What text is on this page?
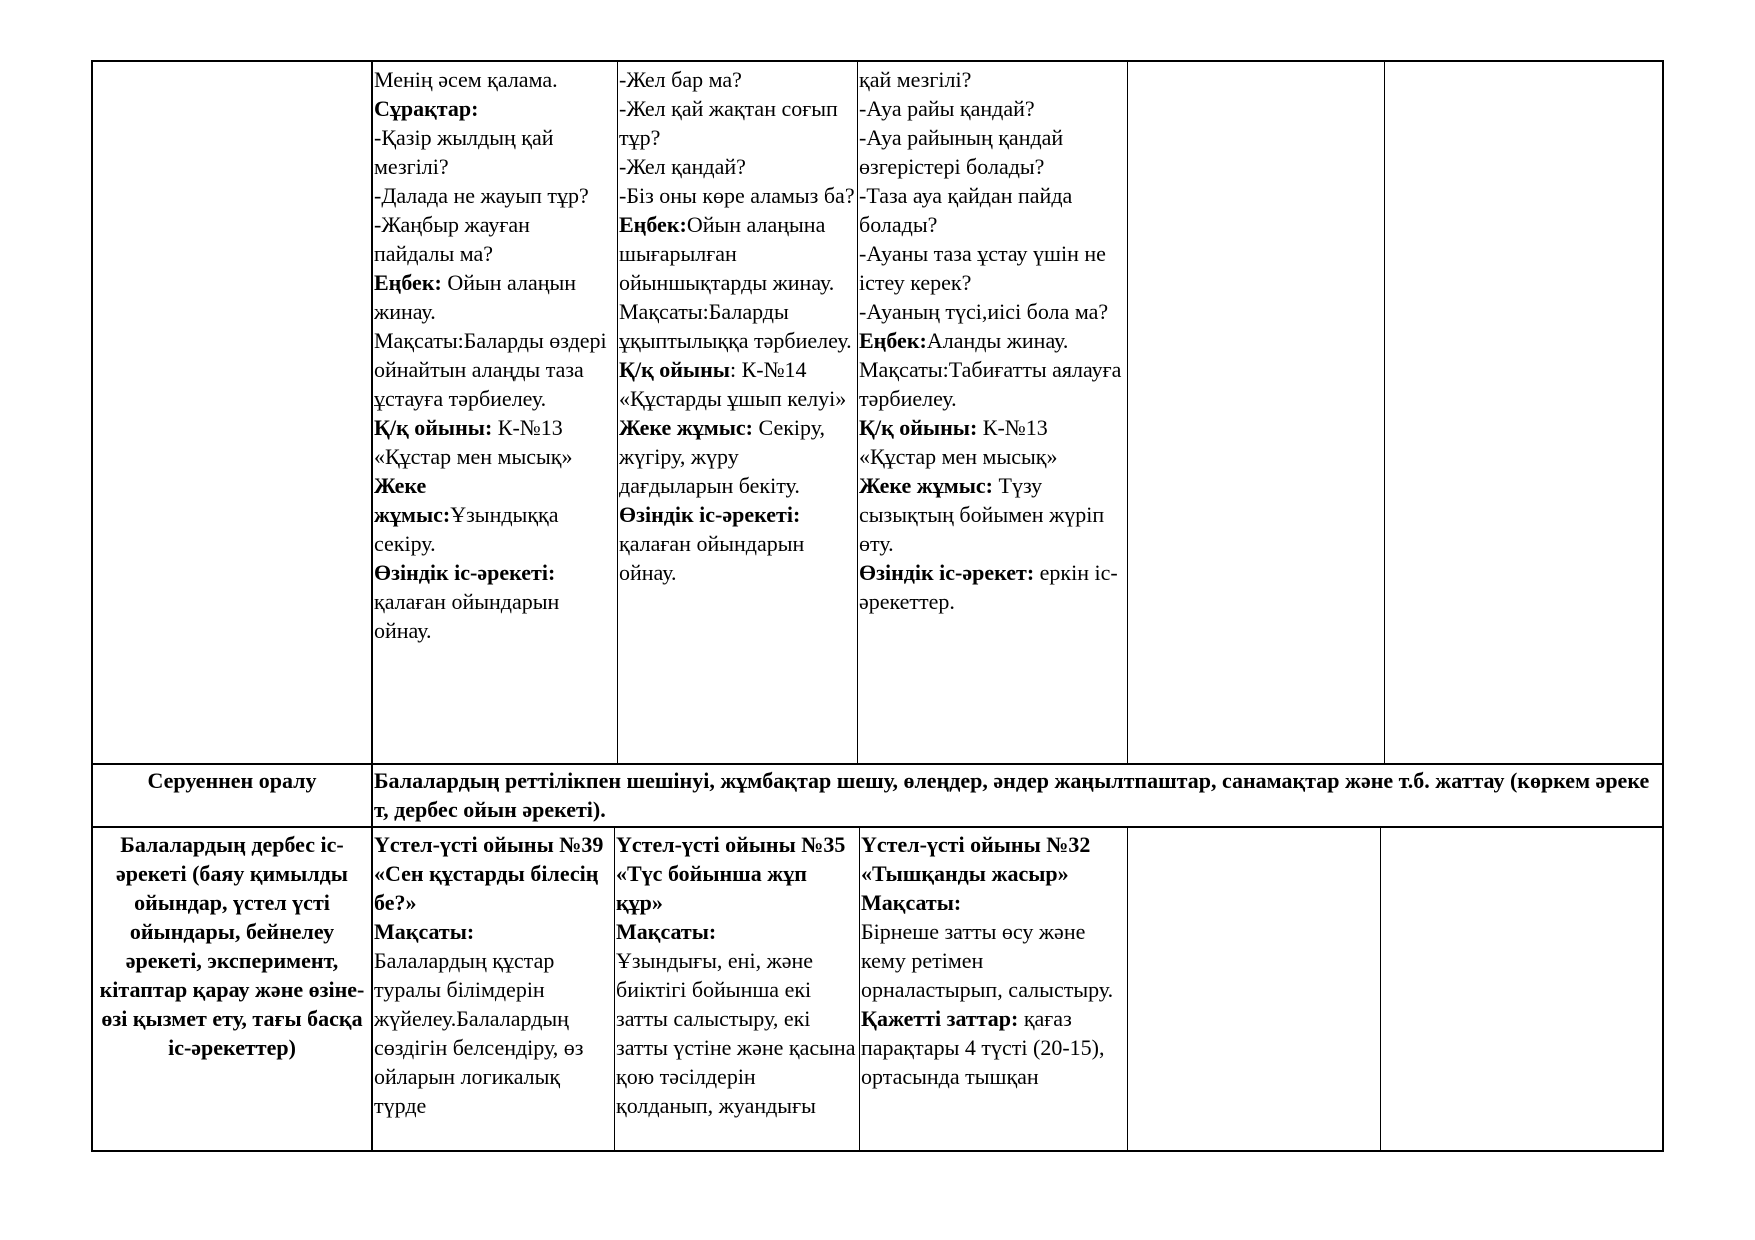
Менің әсем қалама.

Сұрақтар:

-Қазір жылдың қай мезгілі?

-Далада не жауып тұр?

-Жаңбыр жауған пайдалы ма?

Еңбек: Ойын алаңын жинау.

Мақсаты:Баларды өздері ойнайтын алаңды таза ұстауға тәрбиелеу.

Қ/қ ойыны: К-№13 «Құстар мен мысық»

Жеке жұмыс:Ұзындыққа секіру.

Өзіндік іс-әрекеті: қалаған ойындарын ойнау.

-Жел бар ма?

-Жел қай жақтан соғып тұр?

-Жел қандай?

-Біз оны көре аламыз ба?

Еңбек:Ойын алаңына шығарылған ойыншықтарды жинау.

Мақсаты:Баларды ұқыптылыққа тәрбиелеу.

Қ/қ ойыны: К-№14 «Құстарды ұшып келуі»

Жеке жұмыс: Секіру, жүгіру, жүру дағдыларын бекіту.

Өзіндік іс-әрекеті: қалаған ойындарын ойнау.

қай мезгілі?

-Ауа райы қандай?

-Ауа райының қандай өзгерістері болады?

-Таза ауа қайдан пайда болады?

-Ауаны таза ұстау үшін не істеу керек?

-Ауаның түсі,иісі бола ма?

Еңбек:Аланды жинау.

Мақсаты:Табиғатты аялауға тәрбиелеу.

Қ/қ ойыны: К-№13 «Құстар мен мысық»

Жеке жұмыс: Түзу сызықтың бойымен жүріп өту.

Өзіндік іс-әрекет: еркін іс-әрекеттер.

Серуеннен оралу	Балалардың реттілікпен шешінуі, жұмбақтар шешу, өлеңдер, әндер жаңылтпаштар, санамақтар және т.б. жаттау (көркем әрекет, дербес ойын әрекеті).
Балалардың дербес іс-әрекеті (баяу қимылды ойындар, үстел үсті ойындары, бейнелеу әрекеті, эксперимент, кітаптар қарау және өзіне-өзі қызмет ету, тағы басқа іс-әрекеттер)

Үстел-үсті ойыны №39 «Сен құстарды білесің бе?»

Мақсаты:

Балалардың құстар туралы білімдерін жүйелеу.Балалардың сөздігін белсендіру, өз ойларын логикалық түрде

Үстел-үсті ойыны №35 «Түс бойынша жұп құр»

Мақсаты:

Ұзындығы, ені, және биіктігі бойынша екі затты салыстыру, екі затты үстіне және қасына қою тәсілдерін қолданып, жуандығы

Үстел-үсті ойыны №32 «Тышқанды жасыр»

Мақсаты:

Бірнеше затты өсу және кему ретімен орналастырып, салыстыру. Қажетті заттар: қағаз парақтары 4 түсті (20-15), ортасында тышқан
